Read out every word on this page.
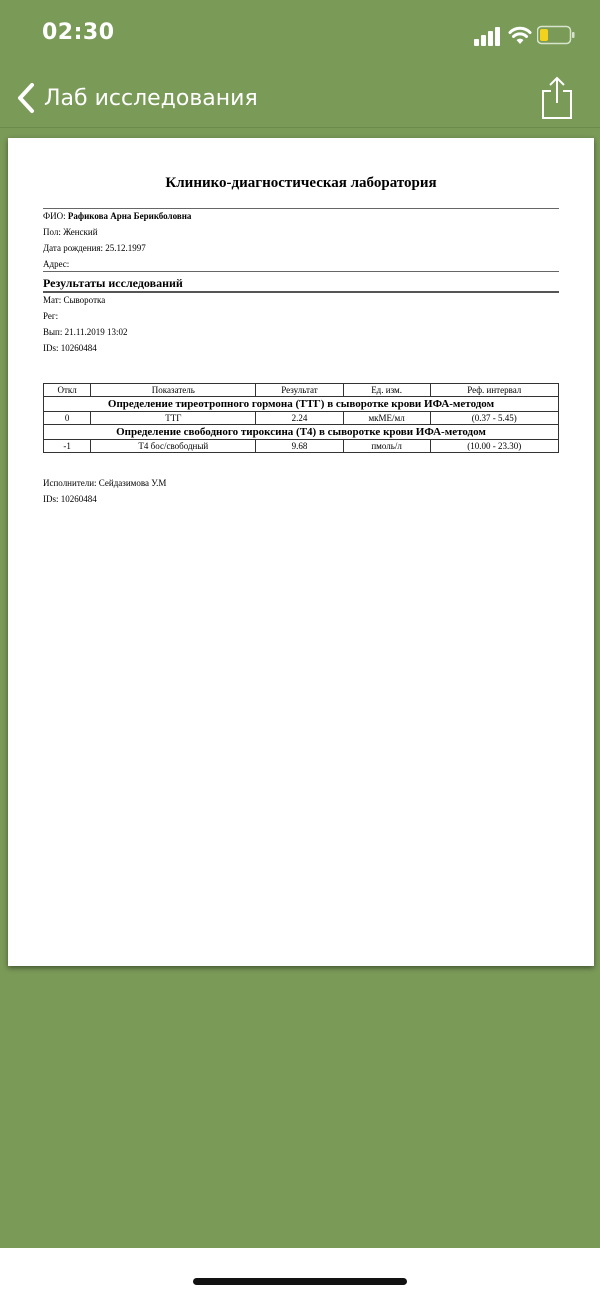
02:30
Лаб исследования
Клинико-диагностическая лаборатория
ФИО: Рафикова Арна Берикболовна
Пол: Женский
Дата рождения: 25.12.1997
Адрес:
Результаты исследований
Мат: Сыворотка
Рег:
Вып: 21.11.2019 13:02
IDs: 10260484
Откл	Показатель	Результат	Ед. изм.	Реф. интервал
Определение тиреотропного гормона (ТТГ) в сыворотке крови ИФА-методом				
0	ТТГ	2.24	мкМЕ/мл	(0.37 - 5.45)
Определение свободного тироксина (Т4) в сыворотке крови ИФА-методом				
-1	Т4 бос/свободный	9.68	пмоль/л	(10.00 - 23.30)
Исполнители: Сейдазимова У.М
IDs: 10260484
